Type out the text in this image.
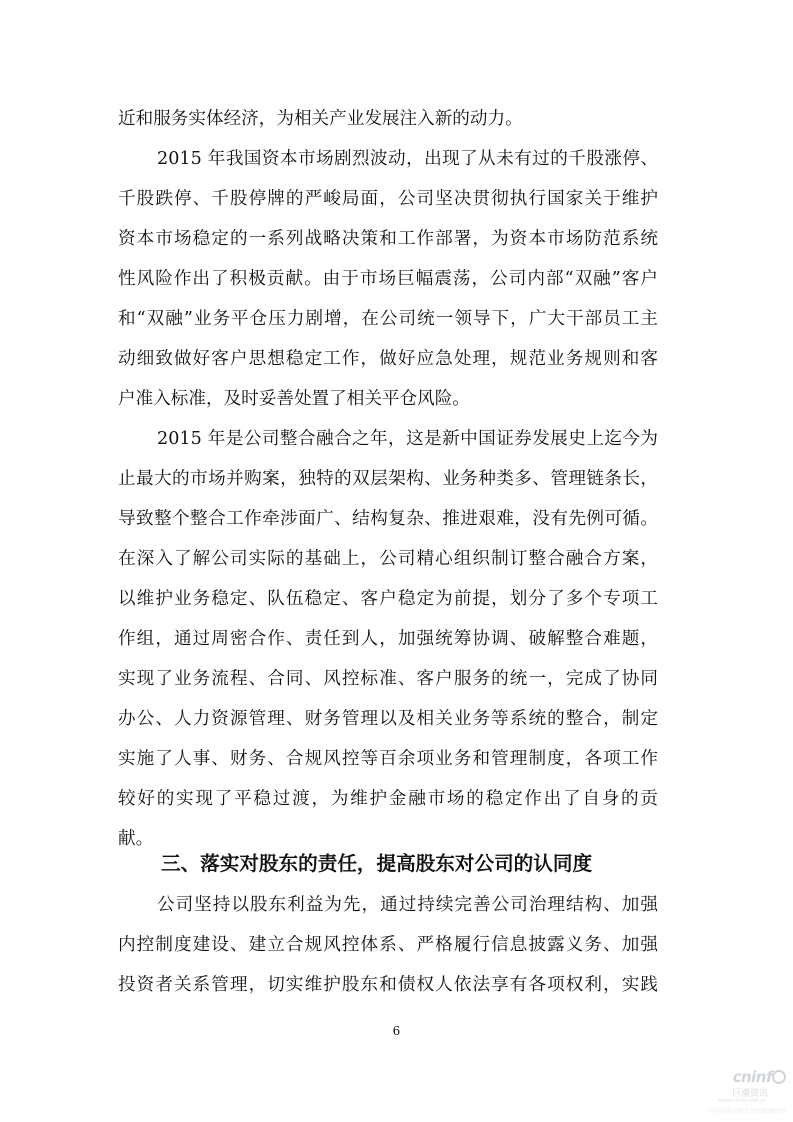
近和服务实体经济，为相关产业发展注入新的动力。
2015 年我国资本市场剧烈波动，出现了从未有过的千股涨停、
千股跌停、千股停牌的严峻局面，公司坚决贯彻执行国家关于维护
资本市场稳定的一系列战略决策和工作部署，为资本市场防范系统
性风险作出了积极贡献。由于市场巨幅震荡，公司内部“双融”客户
和“双融”业务平仓压力剧增，在公司统一领导下，广大干部员工主
动细致做好客户思想稳定工作，做好应急处理，规范业务规则和客
户准入标准，及时妥善处置了相关平仓风险。
2015 年是公司整合融合之年，这是新中国证券发展史上迄今为
止最大的市场并购案，独特的双层架构、业务种类多、管理链条长，
导致整个整合工作牵涉面广、结构复杂、推进艰难，没有先例可循。
在深入了解公司实际的基础上，公司精心组织制订整合融合方案，
以维护业务稳定、队伍稳定、客户稳定为前提，划分了多个专项工
作组，通过周密合作、责任到人，加强统筹协调、破解整合难题，
实现了业务流程、合同、风控标准、客户服务的统一，完成了协同
办公、人力资源管理、财务管理以及相关业务等系统的整合，制定
实施了人事、财务、合规风控等百余项业务和管理制度，各项工作
较好的实现了平稳过渡，为维护金融市场的稳定作出了自身的贡
献。
三、落实对股东的责任，提高股东对公司的认同度
公司坚持以股东利益为先，通过持续完善公司治理结构、加强
内控制度建设、建立合规风控体系、严格履行信息披露义务、加强
投资者关系管理，切实维护股东和债权人依法享有各项权利，实践
6
cninf
巨潮资讯
www.cninfo.com.cn
中国证监会指定信息披露网站
